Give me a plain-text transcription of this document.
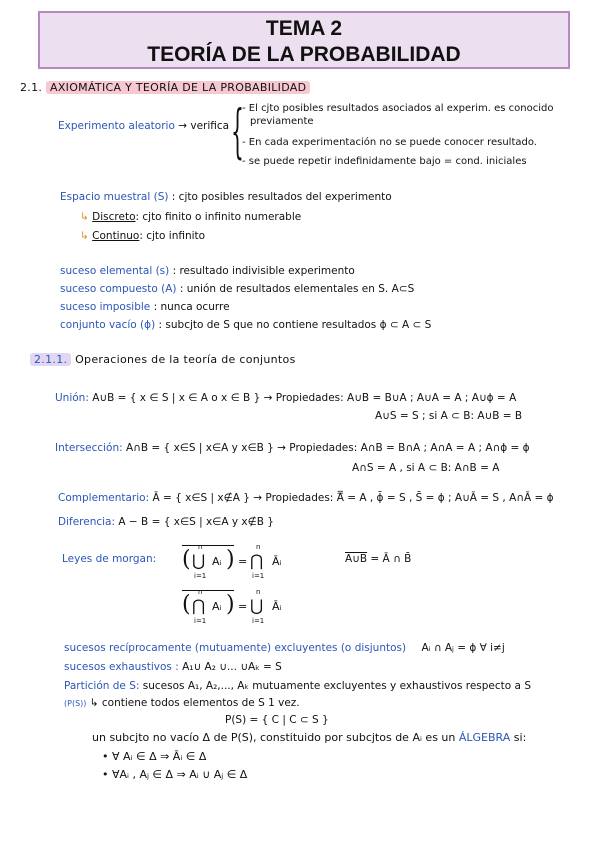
TEMA 2
TEORÍA DE LA PROBABILIDAD
2.1. AXIOMÁTICA Y TEORÍA DE LA PROBABILIDAD
Experimento aleatorio → verifica {
- El cjto posibles resultados asociados al experim. es conocido
previamente
- En cada experimentación no se puede conocer resultado.
- se puede repetir indefinidamente bajo = cond. iniciales
Espacio muestral (S) : cjto posibles resultados del experimento
↳ Discreto: cjto finito o infinito numerable
↳ Continuo: cjto infinito
suceso elemental (s) : resultado indivisible experimento
suceso compuesto (A) : unión de resultados elementales en S. A⊂S
suceso imposible : nunca ocurre
conjunto vacío (ϕ) : subcjto de S que no contiene resultados ϕ ⊂ A ⊂ S
2.1.1. Operaciones de la teoría de conjuntos
Unión: A∪B = { x ∈ S | x ∈ A o x ∈ B } → Propiedades: A∪B = B∪A ; A∪A = A ; A∪ϕ = A
A∪S = S ; si A ⊂ B: A∪B = B
Intersección: A∩B = { x∈S | x∈A y x∈B } → Propiedades: A∩B = B∩A ; A∩A = A ; A∩ϕ = ϕ
A∩S = A , si A ⊂ B: A∩B = A
Complementario: Ā = { x∈S | x∉A } → Propiedades: A̿ = A , ϕ̄ = S , S̄ = ϕ ; A∪Ā = S , A∩Ā = ϕ
Diferencia: A − B = { x∈S | x∈A y x∉B }
Leyes de morgan: ( n
⋃
i=1
Aᵢ ) =
n
⋂
i=1
Āᵢ	A∪B = Ā ∩ B̄
( n
⋂
i=1
Aᵢ ) =
n
⋃
i=1
Āᵢ
sucesos recíprocamente (mutuamente) excluyentes (o disjuntos) Aᵢ ∩ Aⱼ = ϕ ∀ i≠j
sucesos exhaustivos : A₁∪ A₂ ∪... ∪Aₖ = S
Partición de S: sucesos A₁, A₂,..., Aₖ mutuamente excluyentes y exhaustivos respecto a S
(P(S)) ↳ contiene todos elementos de S 1 vez.
P(S) = { C | C ⊂ S }
un subcjto no vacío Δ de P(S), constituido por subcjtos de Aᵢ es un ÁLGEBRA si:
• ∀ Aᵢ ∈ Δ ⇒ Āᵢ ∈ Δ
• ∀Aᵢ , Aⱼ ∈ Δ ⇒ Aᵢ ∪ Aⱼ ∈ Δ
